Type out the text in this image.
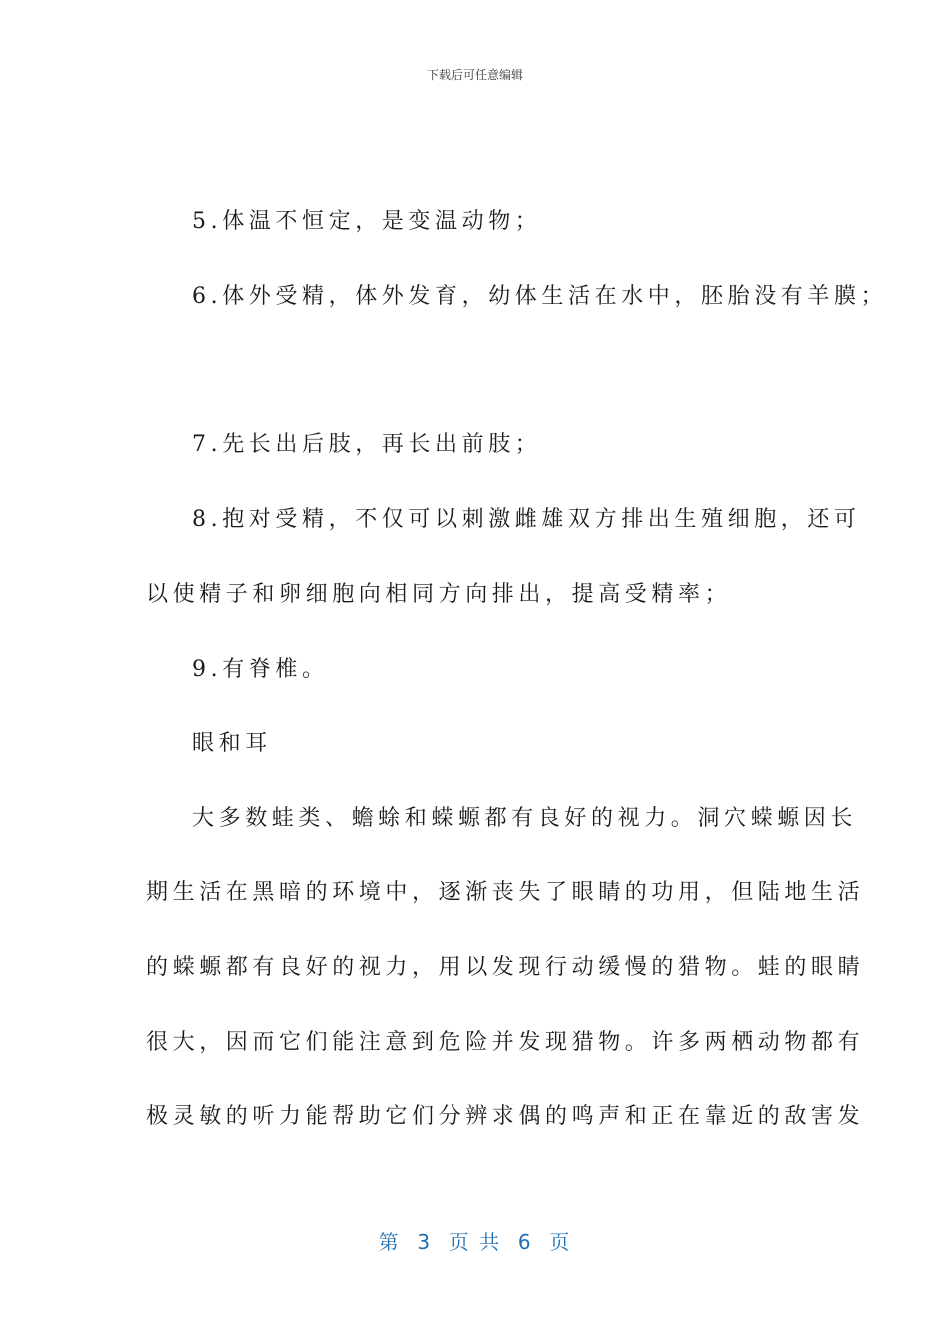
下载后可任意编辑
5.体温不恒定，是变温动物；
6.体外受精，体外发育，幼体生活在水中，胚胎没有羊膜；
7.先长出后肢，再长出前肢；
8.抱对受精，不仅可以刺激雌雄双方排出生殖细胞，还可
以使精子和卵细胞向相同方向排出，提高受精率；
9.有脊椎。
眼和耳
大多数蛙类、蟾蜍和蝾螈都有良好的视力。洞穴蝾螈因长
期生活在黑暗的环境中，逐渐丧失了眼睛的功用，但陆地生活
的蝾螈都有良好的视力，用以发现行动缓慢的猎物。蛙的眼睛
很大，因而它们能注意到危险并发现猎物。许多两栖动物都有
极灵敏的听力能帮助它们分辨求偶的鸣声和正在靠近的敌害发
第  3  页 共  6  页
